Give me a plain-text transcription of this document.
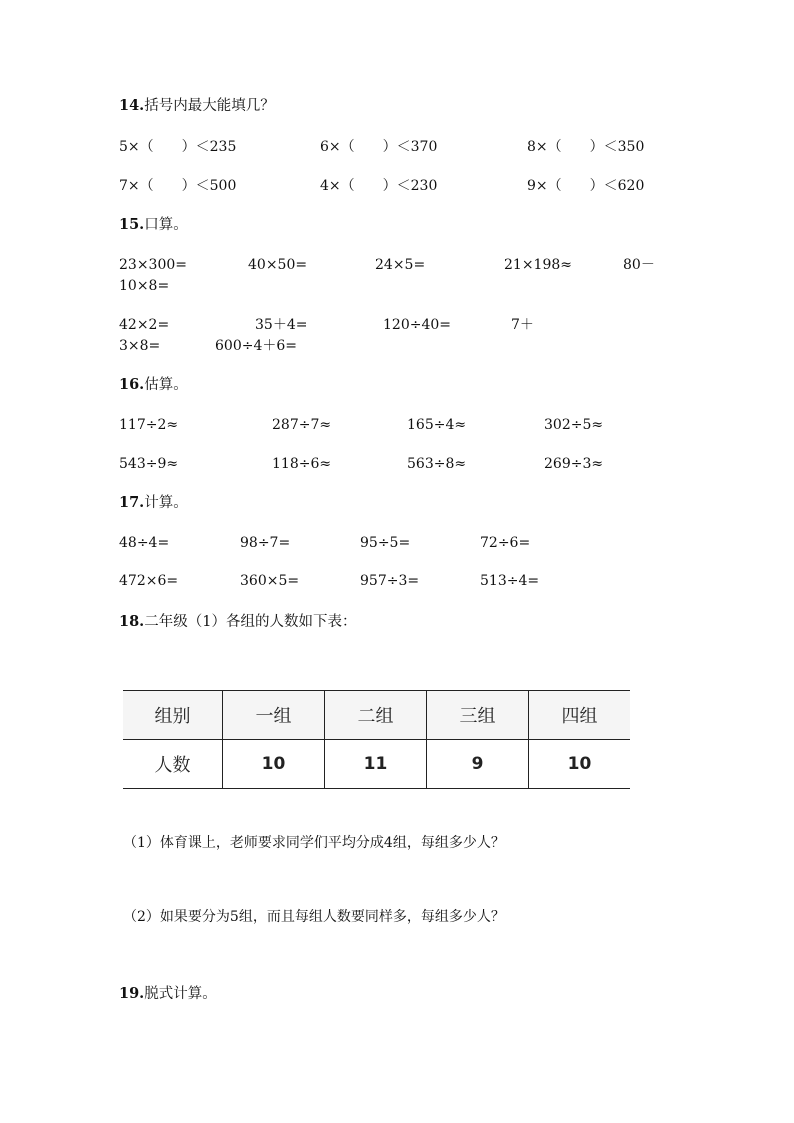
14.括号内最大能填几？
5×（　　）＜235	6×（　　）＜370	8×（　　）＜350
7×（　　）＜500	4×（　　）＜230	9×（　　）＜620
15.口算。
23×300=	40×50=	24×5=	21×198≈	80－
10×8=
42×2=	35＋4=	120÷40=	7＋
3×8=	600÷4＋6=
16.估算。
117÷2≈	287÷7≈	165÷4≈	302÷5≈
543÷9≈	118÷6≈	563÷8≈	269÷3≈
17.计算。
48÷4=	98÷7=	95÷5=	72÷6=
472×6=	360×5=	957÷3=	513÷4=
18.二年级（1）各组的人数如下表：
组别	一组	二组	三组	四组
人数	10	11	9	10
（1）体育课上，老师要求同学们平均分成4组，每组多少人？
（2）如果要分为5组，而且每组人数要同样多，每组多少人？
19.脱式计算。
